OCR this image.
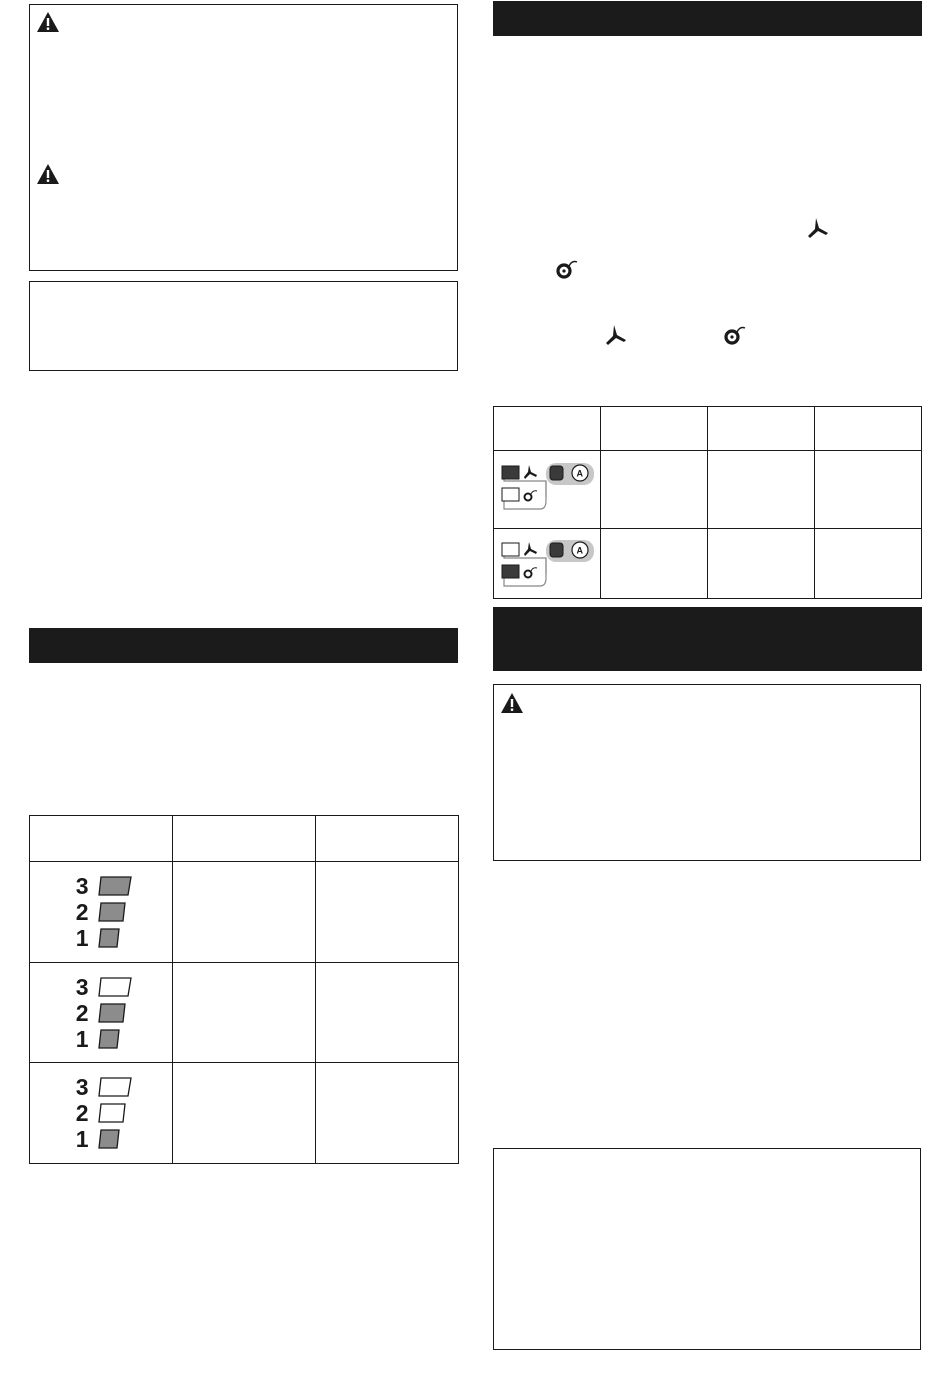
3
2
1		

3
2
1		

3
2
1		

A			

A			
